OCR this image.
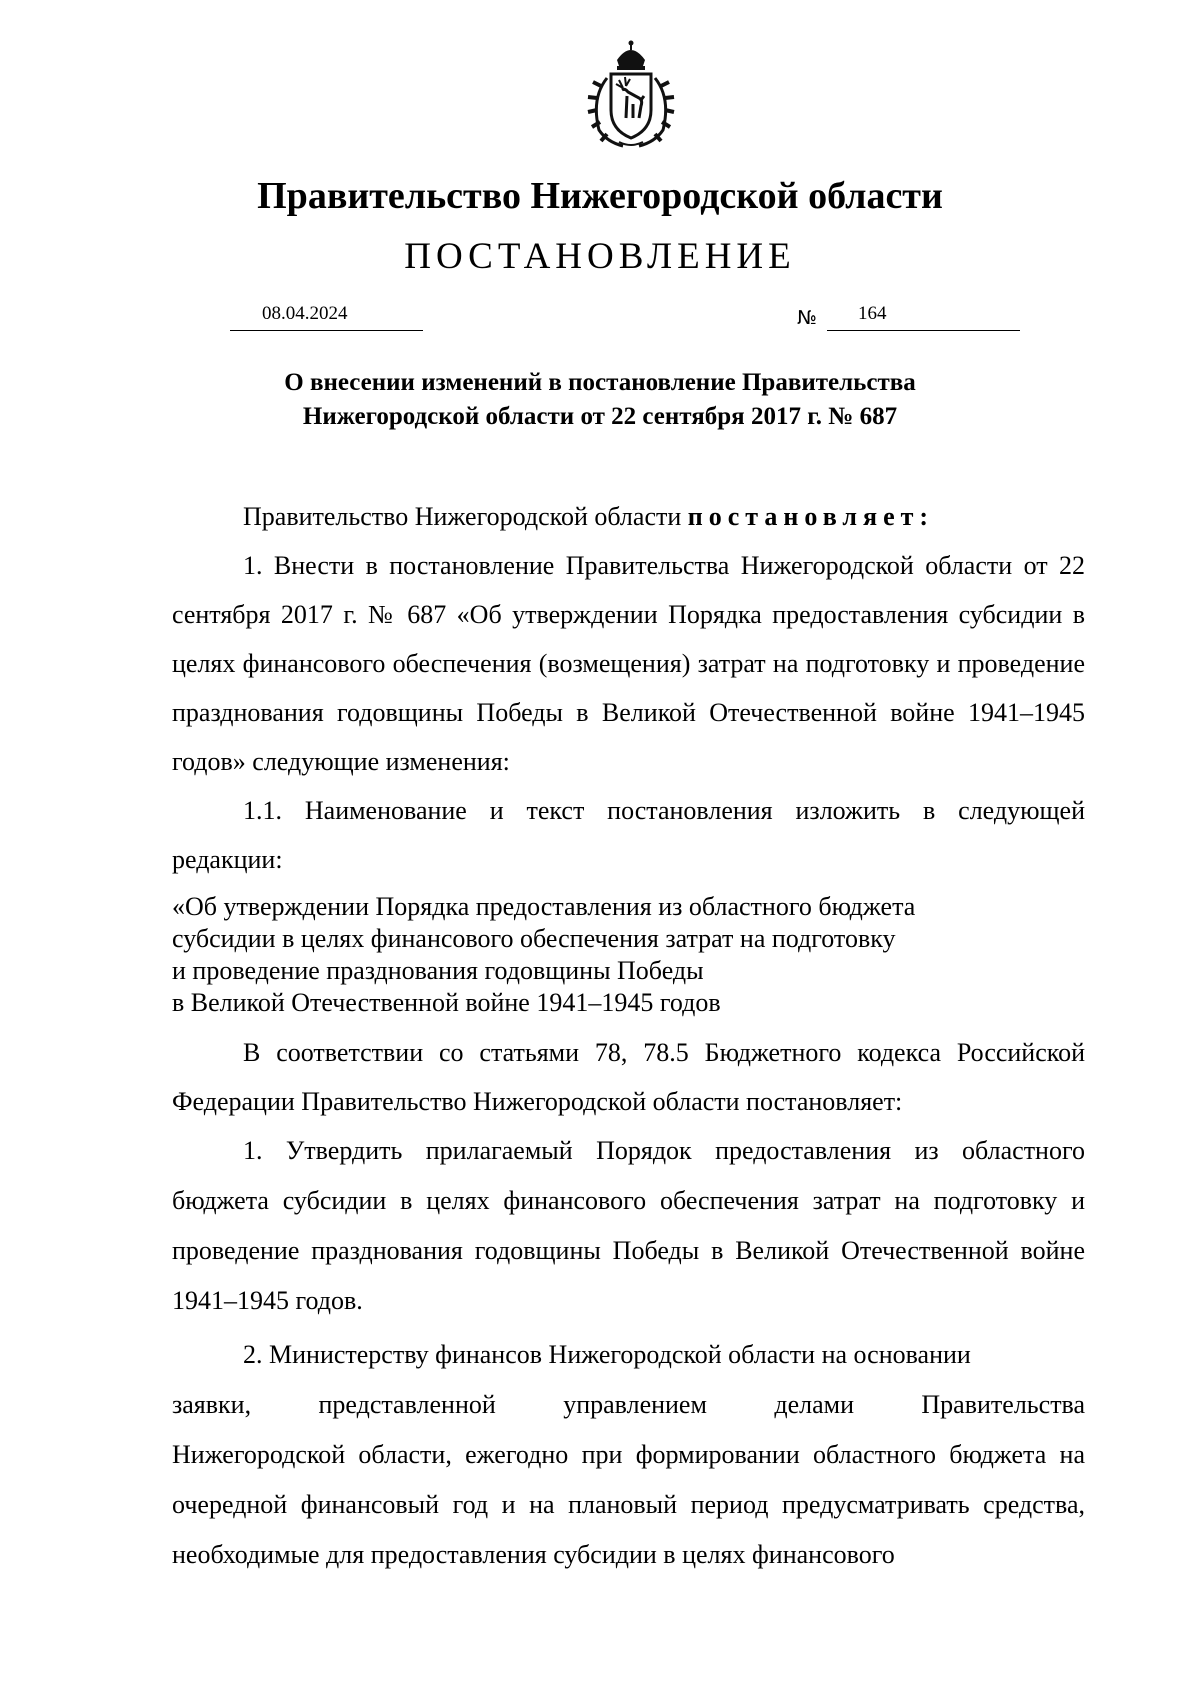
Правительство Нижегородской области
ПОСТАНОВЛЕНИЕ
08.04.2024	№ 164
О внесении изменений в постановление Правительства
Нижегородской области от 22 сентября 2017 г. № 687

Правительство Нижегородской области постановляет:

1. Внести в постановление Правительства Нижегородской области от 22 сентября 2017 г. № 687 «Об утверждении Порядка предоставления субсидии в целях финансового обеспечения (возмещения) затрат на подготовку и проведение празднования годовщины Победы в Великой Отечественной войне 1941–1945 годов» следующие изменения:

1.1. Наименование и текст постановления изложить в следующей редакции:

«Об утверждении Порядка предоставления из областного бюджета
субсидии в целях финансового обеспечения затрат на подготовку
и проведение празднования годовщины Победы
в Великой Отечественной войне 1941–1945 годов

В соответствии со статьями 78, 78.5 Бюджетного кодекса Российской Федерации Правительство Нижегородской области постановляет:

1. Утвердить прилагаемый Порядок предоставления из областного бюджета субсидии в целях финансового обеспечения затрат на подготовку и проведение празднования годовщины Победы в Великой Отечественной войне 1941–1945 годов.

2. Министерству финансов Нижегородской области на основании

заявки,	представленной	управлением	делами	Правительства

Нижегородской области, ежегодно при формировании областного бюджета на очередной финансовый год и на плановый период предусматривать средства, необходимые для предоставления субсидии в целях финансового
